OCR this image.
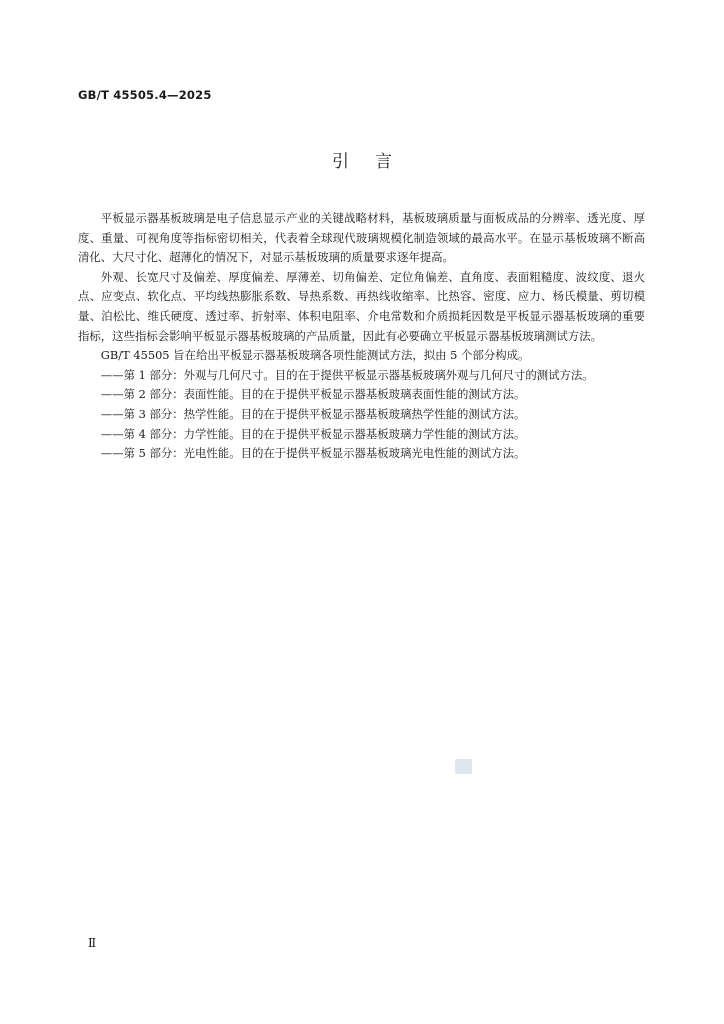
GB/T 45505.4—2025
引言

平板显示器基板玻璃是电子信息显示产业的关键战略材料，基板玻璃质量与面板成品的分辨率、透光度、厚度、重量、可视角度等指标密切相关，代表着全球现代玻璃规模化制造领域的最高水平。在显示基板玻璃不断高清化、大尺寸化、超薄化的情况下，对显示基板玻璃的质量要求逐年提高。

外观、长宽尺寸及偏差、厚度偏差、厚薄差、切角偏差、定位角偏差、直角度、表面粗糙度、波纹度、退火点、应变点、软化点、平均线热膨胀系数、导热系数、再热线收缩率、比热容、密度、应力、杨氏模量、剪切模量、泊松比、维氏硬度、透过率、折射率、体积电阻率、介电常数和介质损耗因数是平板显示器基板玻璃的重要指标，这些指标会影响平板显示器基板玻璃的产品质量，因此有必要确立平板显示器基板玻璃测试方法。

GB/T 45505 旨在给出平板显示器基板玻璃各项性能测试方法，拟由 5 个部分构成。

——第 1 部分：外观与几何尺寸。目的在于提供平板显示器基板玻璃外观与几何尺寸的测试方法。

——第 2 部分：表面性能。目的在于提供平板显示器基板玻璃表面性能的测试方法。

——第 3 部分：热学性能。目的在于提供平板显示器基板玻璃热学性能的测试方法。

——第 4 部分：力学性能。目的在于提供平板显示器基板玻璃力学性能的测试方法。

——第 5 部分：光电性能。目的在于提供平板显示器基板玻璃光电性能的测试方法。

Ⅱ
